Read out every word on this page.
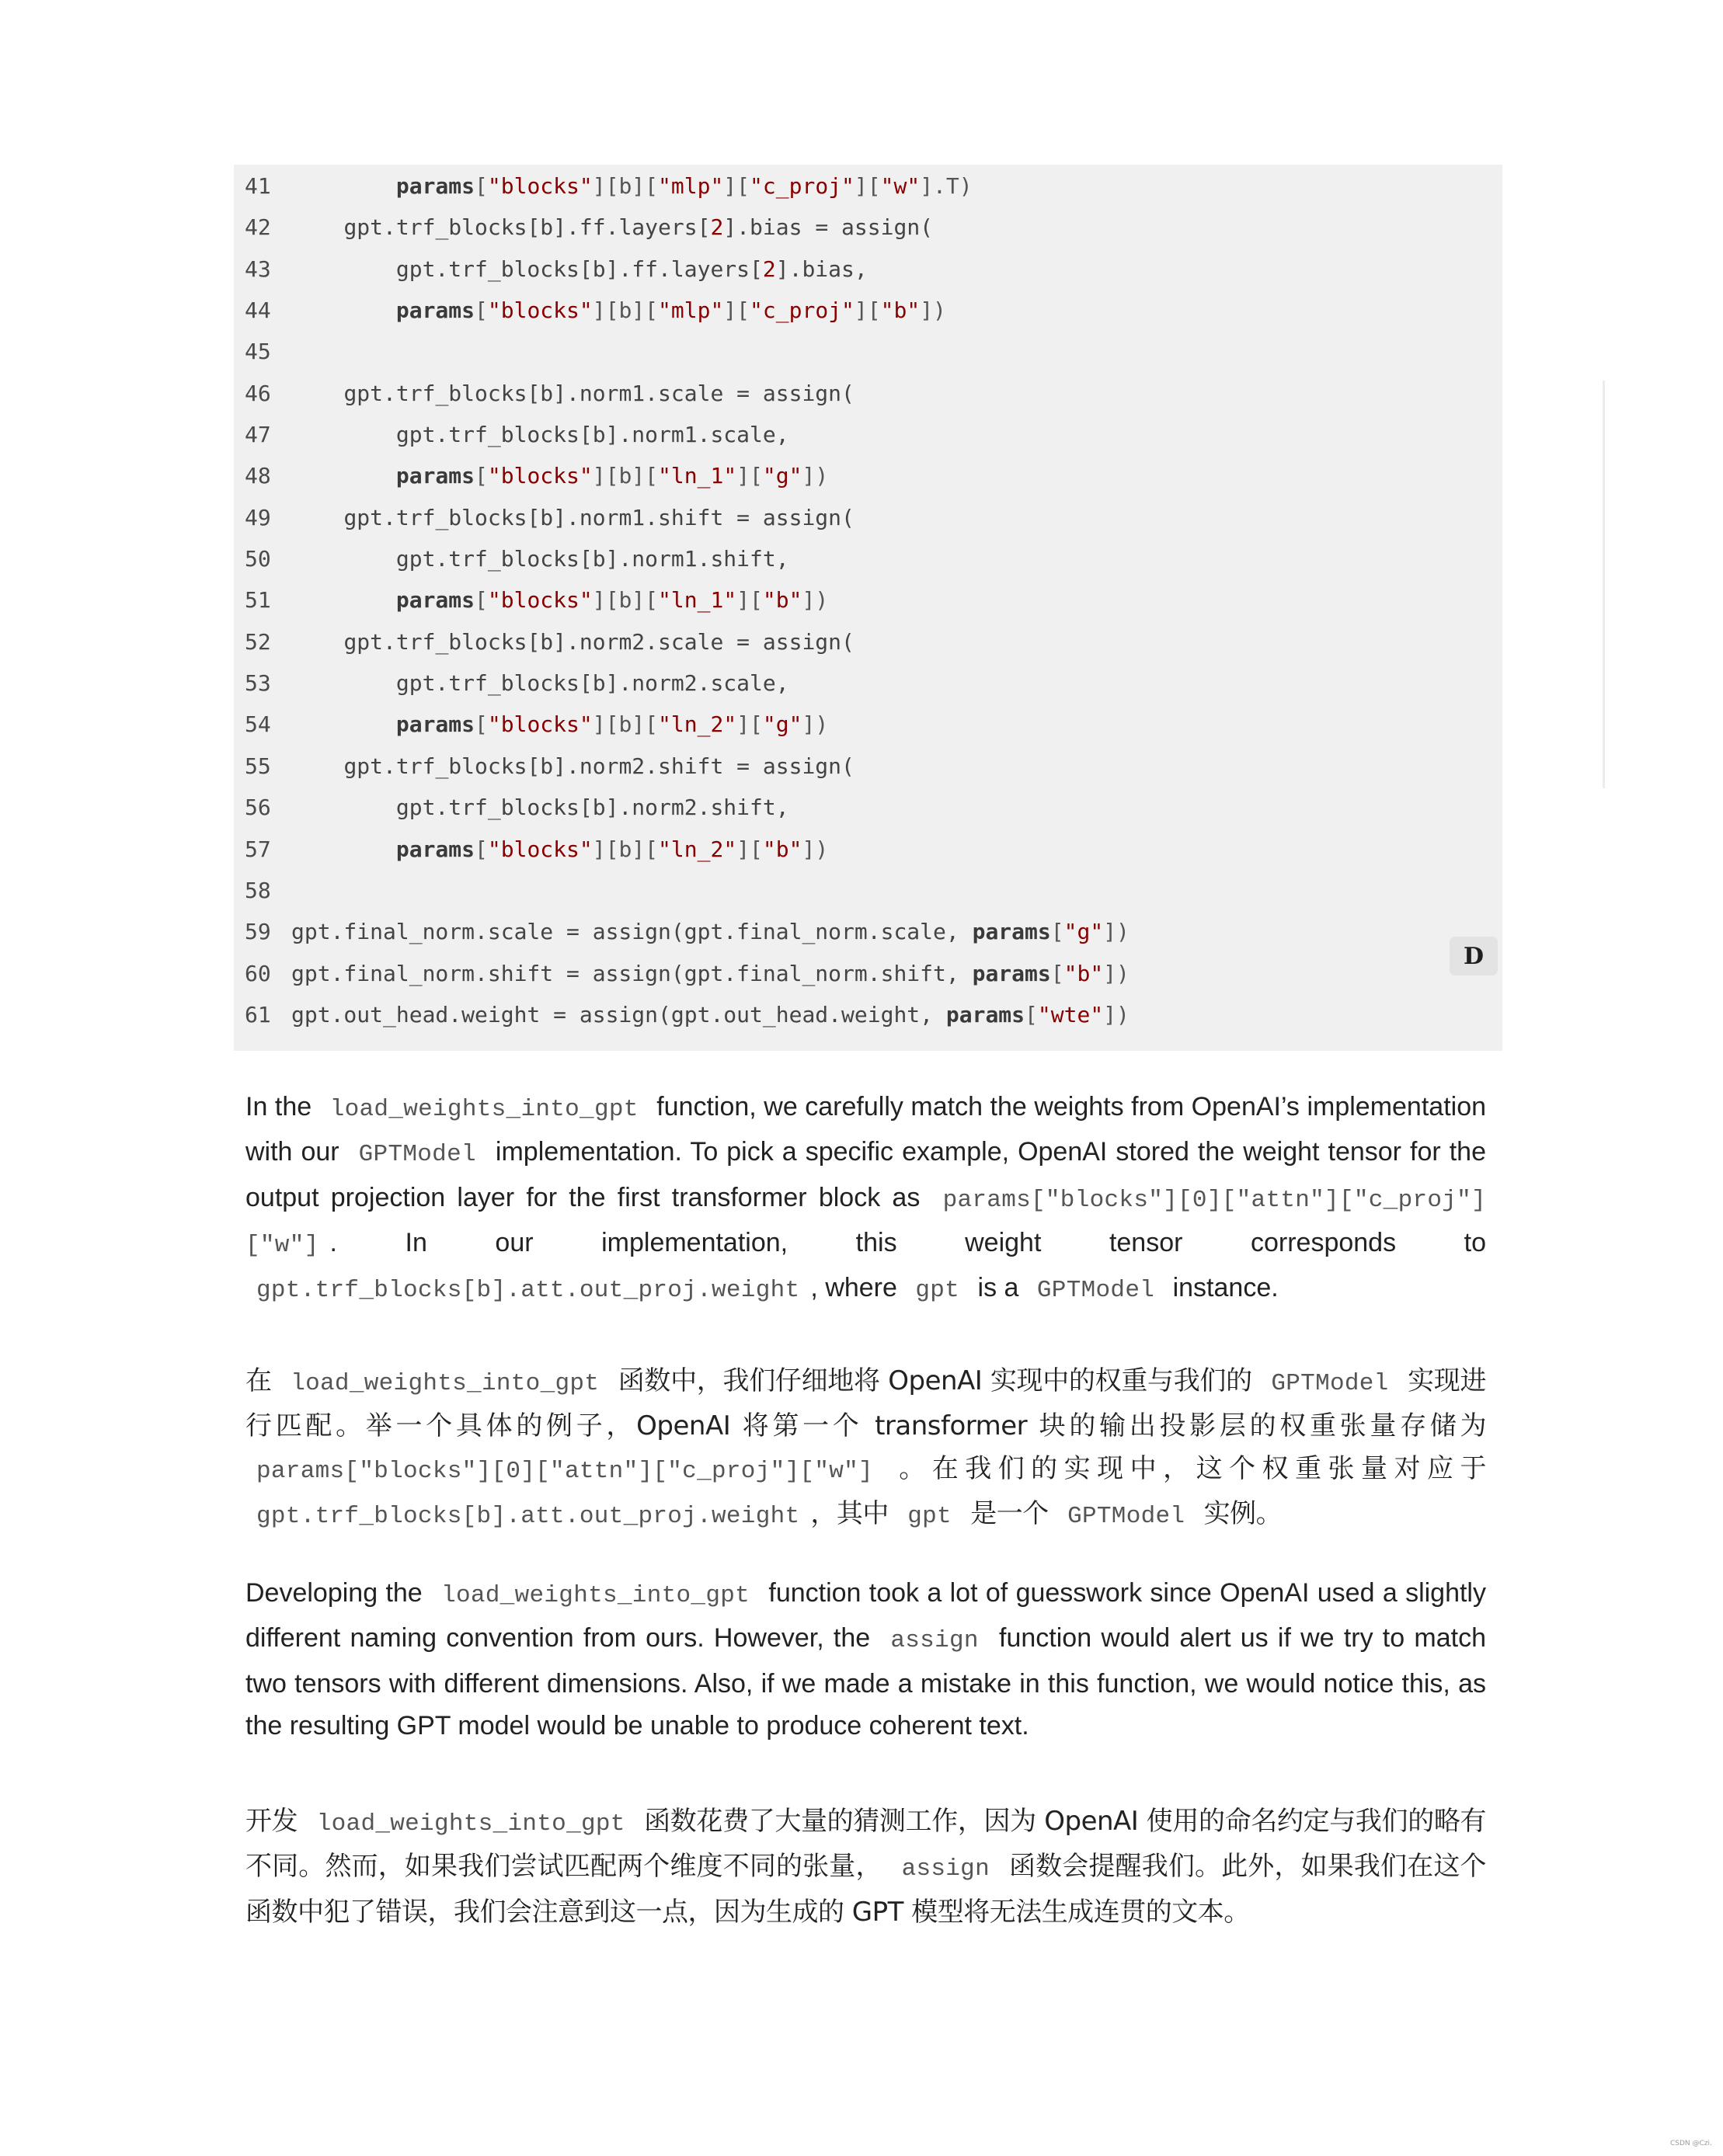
41	params["blocks"][b]["mlp"]["c_proj"]["w"].T)
42	gpt.trf_blocks[b].ff.layers[2].bias = assign(
43	gpt.trf_blocks[b].ff.layers[2].bias,
44	params["blocks"][b]["mlp"]["c_proj"]["b"])
45
46	gpt.trf_blocks[b].norm1.scale = assign(
47	gpt.trf_blocks[b].norm1.scale,
48	params["blocks"][b]["ln_1"]["g"])
49	gpt.trf_blocks[b].norm1.shift = assign(
50	gpt.trf_blocks[b].norm1.shift,
51	params["blocks"][b]["ln_1"]["b"])
52	gpt.trf_blocks[b].norm2.scale = assign(
53	gpt.trf_blocks[b].norm2.scale,
54	params["blocks"][b]["ln_2"]["g"])
55	gpt.trf_blocks[b].norm2.shift = assign(
56	gpt.trf_blocks[b].norm2.shift,
57	params["blocks"][b]["ln_2"]["b"])
58
59 gpt.final_norm.scale = assign(gpt.final_norm.scale, params["g"])
60 gpt.final_norm.shift = assign(gpt.final_norm.shift, params["b"])
61 gpt.out_head.weight = assign(gpt.out_head.weight, params["wte"])
D

In the load_weights_into_gpt function, we carefully match the weights from OpenAI’s implementation with our GPTModel implementation. To pick a specific example, OpenAI stored the weight tensor for the output projection layer for the first transformer block as params["blocks"][0]["attn"]["c_proj"]["w"] . In our implementation, this weight tensor corresponds to gpt.trf_blocks[b].att.out_proj.weight , where gpt is a GPTModel instance.

在 load_weights_into_gpt 函数中，我们仔细地将 OpenAI 实现中的权重与我们的 GPTModel 实现进行匹配。举一个具体的例子，OpenAI 将第一个 transformer 块的输出投影层的权重张量存储为 params["blocks"][0]["attn"]["c_proj"]["w"] 。在我们的实现中，这个权重张量对应于 gpt.trf_blocks[b].att.out_proj.weight ，其中 gpt 是一个 GPTModel 实例。

Developing the load_weights_into_gpt function took a lot of guesswork since OpenAI used a slightly different naming convention from ours. However, the assign function would alert us if we try to match two tensors with different dimensions. Also, if we made a mistake in this function, we would notice this, as the resulting GPT model would be unable to produce coherent text.

开发 load_weights_into_gpt 函数花费了大量的猜测工作，因为 OpenAI 使用的命名约定与我们的略有不同。然而，如果我们尝试匹配两个维度不同的张量， assign 函数会提醒我们。此外，如果我们在这个函数中犯了错误，我们会注意到这一点，因为生成的 GPT 模型将无法生成连贯的文本。

CSDN @Czi.
